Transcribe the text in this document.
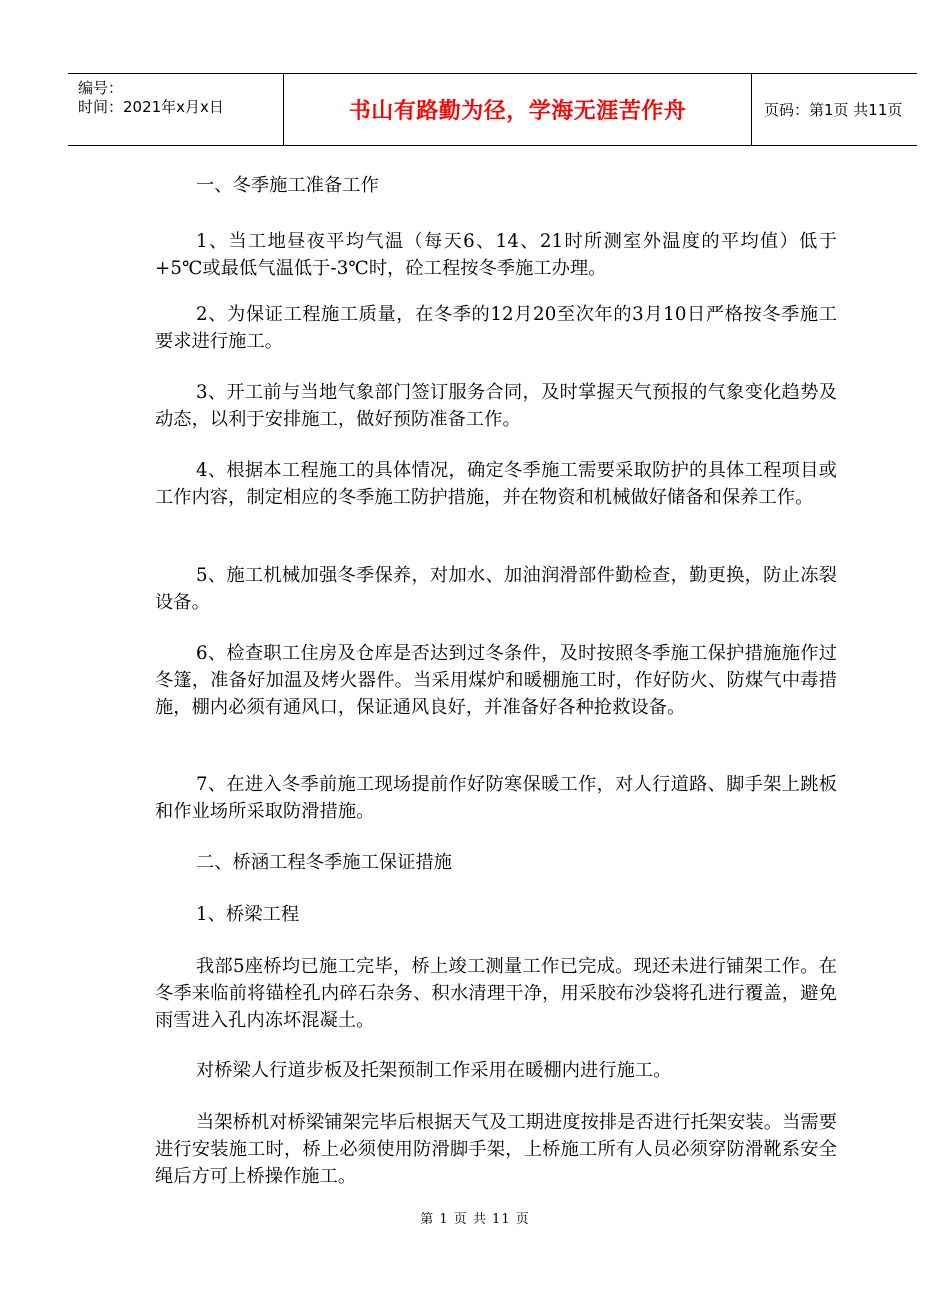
编号：
时间：2021年x月x日	书山有路勤为径，学海无涯苦作舟	页码：第1页 共11页

一、冬季施工准备工作

1、当工地昼夜平均气温（每天6、14、21时所测室外温度的平均值）低于+5℃或最低气温低于-3℃时，砼工程按冬季施工办理。

2、为保证工程施工质量，在冬季的12月20至次年的3月10日严格按冬季施工要求进行施工。

3、开工前与当地气象部门签订服务合同，及时掌握天气预报的气象变化趋势及动态，以利于安排施工，做好预防准备工作。

4、根据本工程施工的具体情况，确定冬季施工需要采取防护的具体工程项目或工作内容，制定相应的冬季施工防护措施，并在物资和机械做好储备和保养工作。

5、施工机械加强冬季保养，对加水、加油润滑部件勤检查，勤更换，防止冻裂设备。

6、检查职工住房及仓库是否达到过冬条件，及时按照冬季施工保护措施施作过冬篷，准备好加温及烤火器件。当采用煤炉和暖棚施工时，作好防火、防煤气中毒措施，棚内必须有通风口，保证通风良好，并准备好各种抢救设备。

7、在进入冬季前施工现场提前作好防寒保暖工作，对人行道路、脚手架上跳板和作业场所采取防滑措施。

二、桥涵工程冬季施工保证措施

1、桥梁工程

我部5座桥均已施工完毕，桥上竣工测量工作已完成。现还未进行铺架工作。在冬季来临前将锚栓孔内碎石杂务、积水清理干净，用采胶布沙袋将孔进行覆盖，避免雨雪进入孔内冻坏混凝土。

对桥梁人行道步板及托架预制工作采用在暖棚内进行施工。

当架桥机对桥梁铺架完毕后根据天气及工期进度按排是否进行托架安装。当需要进行安装施工时，桥上必须使用防滑脚手架，上桥施工所有人员必须穿防滑靴系安全绳后方可上桥操作施工。

第 1 页 共 11 页
